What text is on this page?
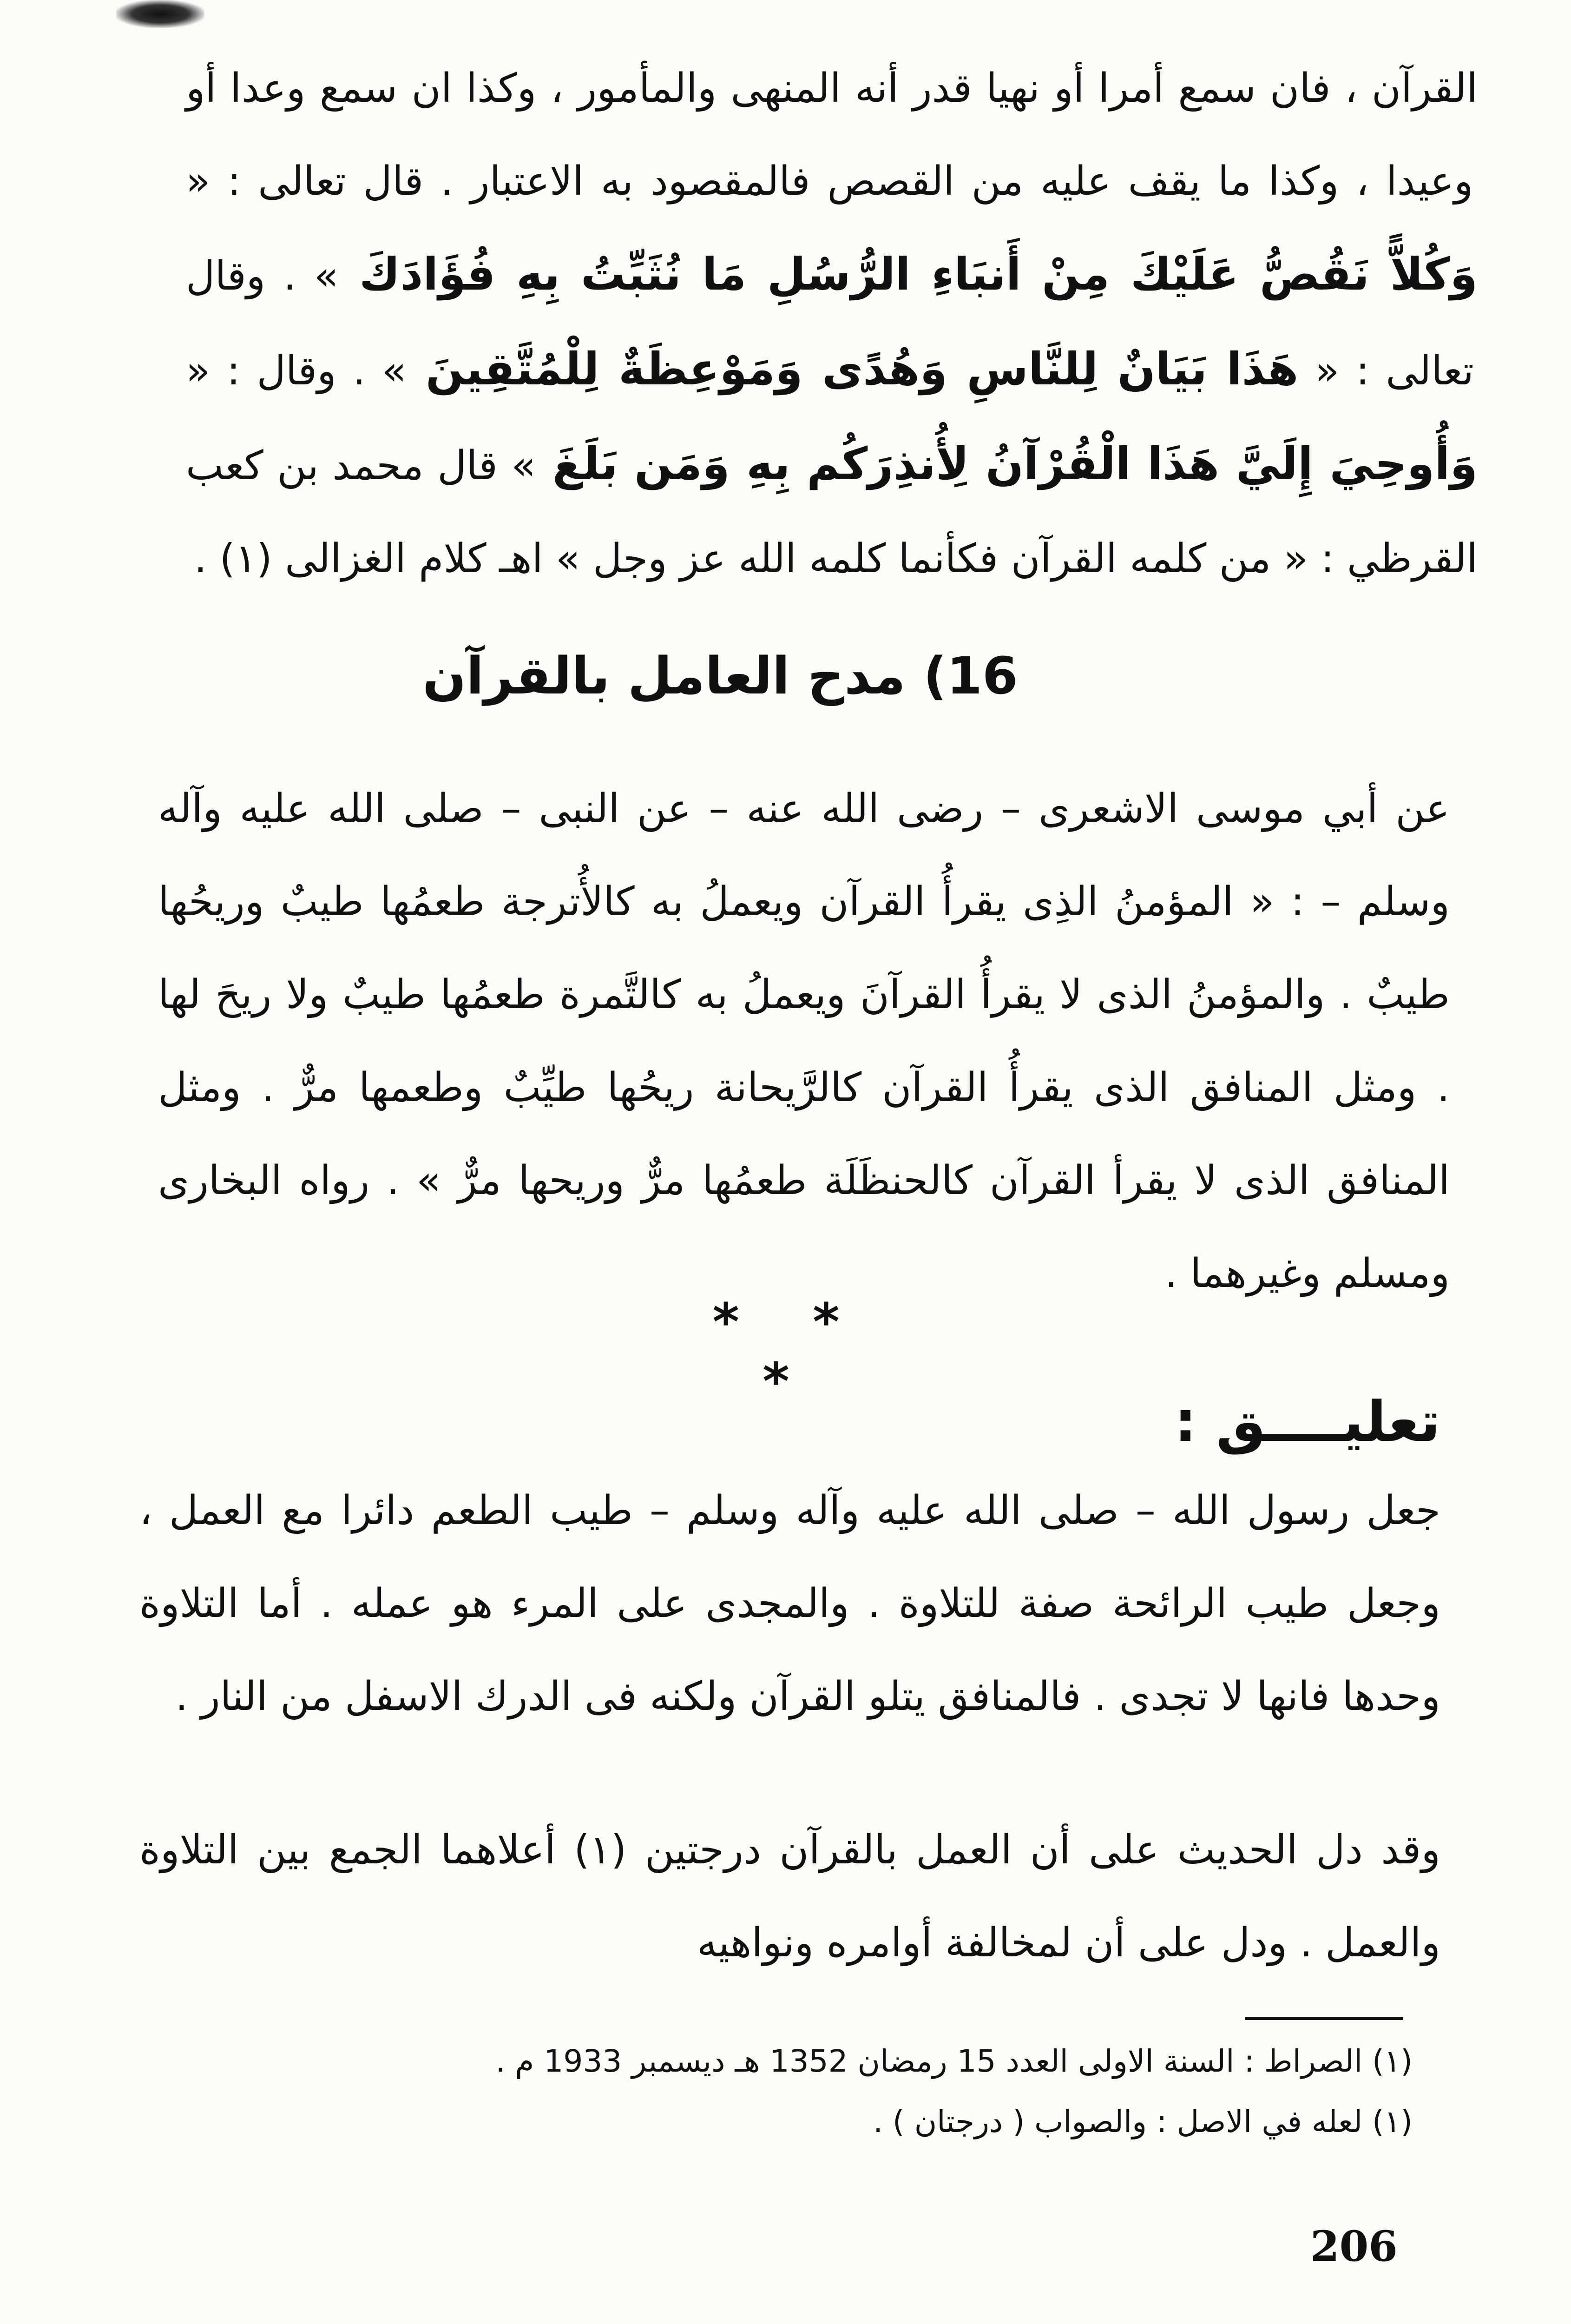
القرآن ، فان سمع أمرا أو نهيا قدر أنه المنهى والمأمور ، وكذا ان سمع وعدا أو وعيدا ، وكذا ما يقف عليه من القصص فالمقصود به الاعتبار . قال تعالى : « وَكُلاًّ نَقُصُّ عَلَيْكَ مِنْ أَنبَاءِ الرُّسُلِ مَا نُثَبِّتُ بِهِ فُؤَادَكَ » . وقال تعالى : « هَذَا بَيَانٌ لِلنَّاسِ وَهُدًى وَمَوْعِظَةٌ لِلْمُتَّقِينَ » . وقال : « وَأُوحِيَ إِلَيَّ هَذَا الْقُرْآنُ لِأُنذِرَكُم بِهِ وَمَن بَلَغَ » قال محمد بن كعب القرظي : « من كلمه القرآن فكأنما كلمه الله عز وجل » اهـ كلام الغزالى (١) .
16) مدح العامل بالقرآن
عن أبي موسى الاشعرى – رضى الله عنه – عن النبى – صلى الله عليه وآله وسلم – : « المؤمنُ الذِى يقرأُ القرآن ويعملُ به كالأُترجة طعمُها طيبٌ وريحُها طيبٌ . والمؤمنُ الذى لا يقرأُ القرآنَ ويعملُ به كالتَّمرة طعمُها طيبٌ ولا ريحَ لها . ومثل المنافق الذى يقرأُ القرآن كالرَّيحانة ريحُها طيِّبٌ وطعمها مرٌّ . ومثل المنافق الذى لا يقرأ القرآن كالحنظَلَة طعمُها مرٌّ وريحها مرٌّ » . رواه البخارى ومسلم وغيرهما .
* * *
تعليــــق :
جعل رسول الله – صلى الله عليه وآله وسلم – طيب الطعم دائرا مع العمل ، وجعل طيب الرائحة صفة للتلاوة . والمجدى على المرء هو عمله . أما التلاوة وحدها فانها لا تجدى . فالمنافق يتلو القرآن ولكنه فى الدرك الاسفل من النار .
وقد دل الحديث على أن العمل بالقرآن درجتين (١) أعلاهما الجمع بين التلاوة والعمل . ودل على أن لمخالفة أوامره ونواهيه

(١) الصراط : السنة الاولى العدد 15 رمضان 1352 هـ ديسمبر 1933 م .

(١) لعله في الاصل : والصواب ( درجتان ) .

206
